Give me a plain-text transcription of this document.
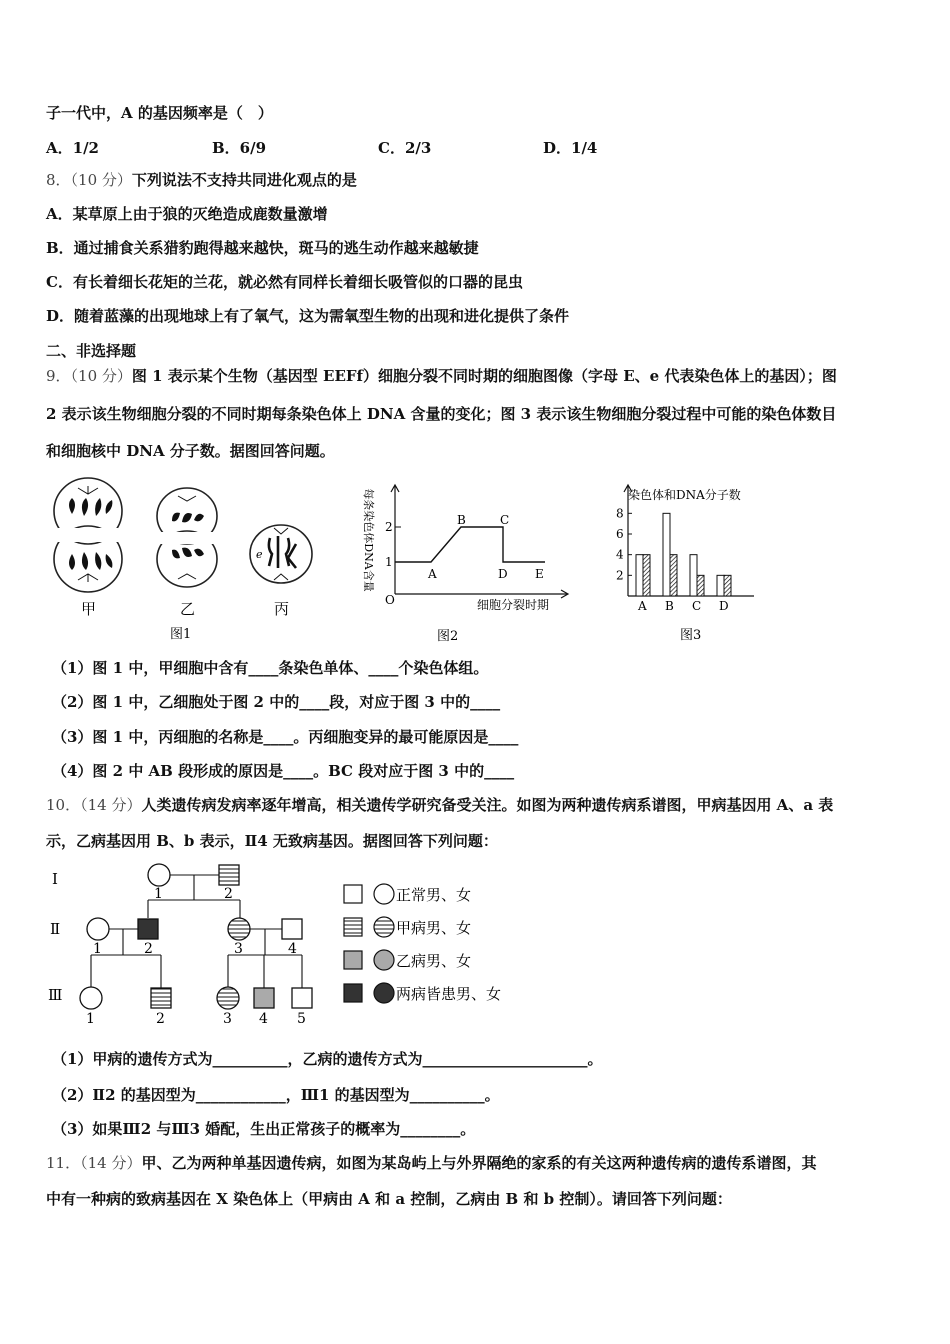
子一代中，A 的基因频率是（　）
A．1/2	B．6/9	C．2/3	D．1/4
8．（10 分）下列说法不支持共同进化观点的是
A．某草原上由于狼的灭绝造成鹿数量激增
B．通过捕食关系猎豹跑得越来越快，斑马的逃生动作越来越敏捷
C．有长着细长花矩的兰花，就必然有同样长着细长吸管似的口器的昆虫
D．随着蓝藻的出现地球上有了氧气，这为需氧型生物的出现和进化提供了条件
二、非选择题
9．（10 分）图 1 表示某个生物（基因型 EEFf）细胞分裂不同时期的细胞图像（字母 E、e 代表染色体上的基因）；图
2 表示该生物细胞分裂的不同时期每条染色体上 DNA 含量的变化；图 3 表示该生物细胞分裂过程中可能的染色体数目
和细胞核中 DNA 分子数。据图回答问题。
甲	乙
e
丙
图1
每条染色体DNA含量 2
1
A
B	C
D E
O	细胞分裂时期
图2
染色体和DNA分子数
2
4
6
8
A B C D
图3
（1）图 1 中，甲细胞中含有____条染色单体、____个染色体组。
（2）图 1 中，乙细胞处于图 2 中的____段，对应于图 3 中的____
（3）图 1 中，丙细胞的名称是____。丙细胞变异的最可能原因是____
（4）图 2 中 AB 段形成的原因是____。BC 段对应于图 3 中的____
10．（14 分）人类遗传病发病率逐年增高，相关遗传学研究备受关注。如图为两种遗传病系谱图，甲病基因用 A、a 表
示，乙病基因用 B、b 表示，Ⅱ4 无致病基因。据图回答下列问题：
Ⅰ
Ⅱ
Ⅲ
1	2
1	2	3	4
1	2	3 4 5
正常男、女
甲病男、女
乙病男、女
两病皆患男、女
（1）甲病的遗传方式为__________，乙病的遗传方式为______________________。
（2）Ⅱ2 的基因型为____________，Ⅲ1 的基因型为__________。
（3）如果Ⅲ2 与Ⅲ3 婚配，生出正常孩子的概率为________。
11．（14 分）甲、乙为两种单基因遗传病，如图为某岛屿上与外界隔绝的家系的有关这两种遗传病的遗传系谱图，其
中有一种病的致病基因在 X 染色体上（甲病由 A 和 a 控制，乙病由 B 和 b 控制）。请回答下列问题：
